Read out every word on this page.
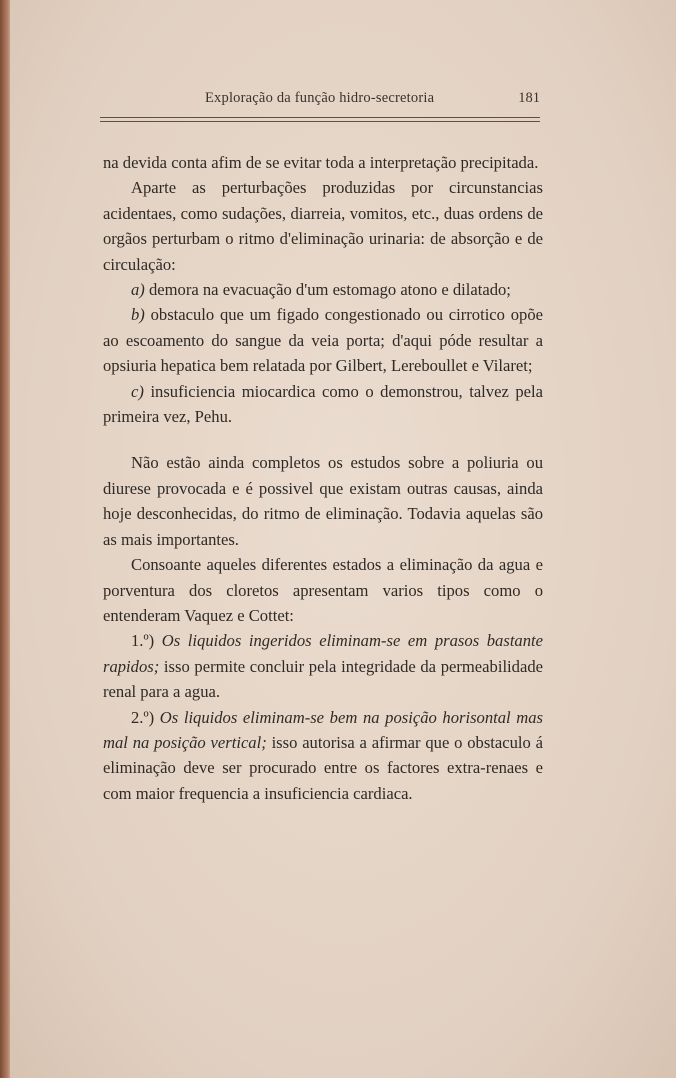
Exploração da função hidro-secretoria	181

na devida conta afim de se evitar toda a interpretação precipitada.

Aparte as perturbações produzidas por circunstancias acidentaes, como sudações, diarreia, vomitos, etc., duas ordens de orgãos perturbam o ritmo d'eliminação urinaria: de absorção e de circulação:

a) demora na evacuação d'um estomago atono e dilatado;

b) obstaculo que um figado congestionado ou cirrotico opõe ao escoamento do sangue da veia porta; d'aqui póde resultar a opsiuria hepatica bem relatada por Gilbert, Lereboullet e Vilaret;

c) insuficiencia miocardica como o demonstrou, talvez pela primeira vez, Pehu.

Não estão ainda completos os estudos sobre a poliuria ou diurese provocada e é possivel que existam outras causas, ainda hoje desconhecidas, do ritmo de eliminação. Todavia aquelas são as mais importantes.

Consoante aqueles diferentes estados a eliminação da agua e porventura dos cloretos apresentam varios tipos como o entenderam Vaquez e Cottet:

1.º) Os liquidos ingeridos eliminam-se em prasos bastante rapidos; isso permite concluir pela integridade da permeabilidade renal para a agua.

2.º) Os liquidos eliminam-se bem na posição horisontal mas mal na posição vertical; isso autorisa a afirmar que o obstaculo á eliminação deve ser procurado entre os factores extra-renaes e com maior frequencia a insuficiencia cardiaca.
